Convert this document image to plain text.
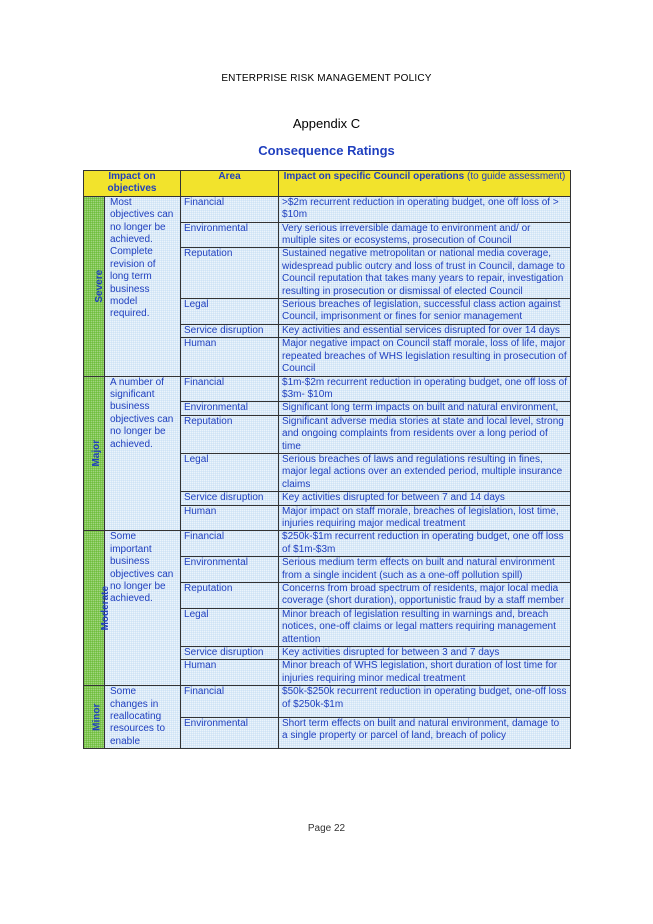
ENTERPRISE RISK MANAGEMENT POLICY
Appendix C
Consequence Ratings
Impact on objectives		Area	Impact on specific Council operations (to guide assessment)
Severe	Most objectives can no longer be achieved. Complete revision of long term business model required.	Financial	>$2m recurrent reduction in operating budget, one off loss of > $10m
		Environmental	Very serious irreversible damage to environment and/ or multiple sites or ecosystems, prosecution of Council
		Reputation	Sustained negative metropolitan or national media coverage, widespread public outcry and loss of trust in Council, damage to Council reputation that takes many years to repair, investigation resulting in prosecution or dismissal of elected Council
		Legal	Serious breaches of legislation, successful class action against Council, imprisonment or fines for senior management
		Service disruption	Key activities and essential services disrupted for over 14 days
		Human	Major negative impact on Council staff morale, loss of life, major repeated breaches of WHS legislation resulting in prosecution of Council
Major	A number of significant business objectives can no longer be achieved.	Financial	$1m-$2m recurrent reduction in operating budget, one off loss of $3m- $10m
		Environmental	Significant long term impacts on built and natural environment,
		Reputation	Significant adverse media stories at state and local level, strong and ongoing complaints from residents over a long period of time
		Legal	Serious breaches of laws and regulations resulting in fines, major legal actions over an extended period, multiple insurance claims
		Service disruption	Key activities disrupted for between 7 and 14 days
		Human	Major impact on staff morale, breaches of legislation, lost time, injuries requiring major medical treatment
Moderate	Some important business objectives can no longer be achieved.	Financial	$250k-$1m recurrent reduction in operating budget, one off loss of $1m-$3m
		Environmental	Serious medium term effects on built and natural environment from a single incident (such as a one-off pollution spill)
		Reputation	Concerns from broad spectrum of residents, major local media coverage (short duration), opportunistic fraud by a staff member
		Legal	Minor breach of legislation resulting in warnings and, breach notices, one-off claims or legal matters requiring management attention
		Service disruption	Key activities disrupted for between 3 and 7 days
		Human	Minor breach of WHS legislation, short duration of lost time for injuries requiring minor medical treatment
Minor	Some changes in reallocating resources to enable	Financial	$50k-$250k recurrent reduction in operating budget, one-off loss of $250k-$1m
		Environmental	Short term effects on built and natural environment, damage to a single property or parcel of land, breach of policy
Page 22
